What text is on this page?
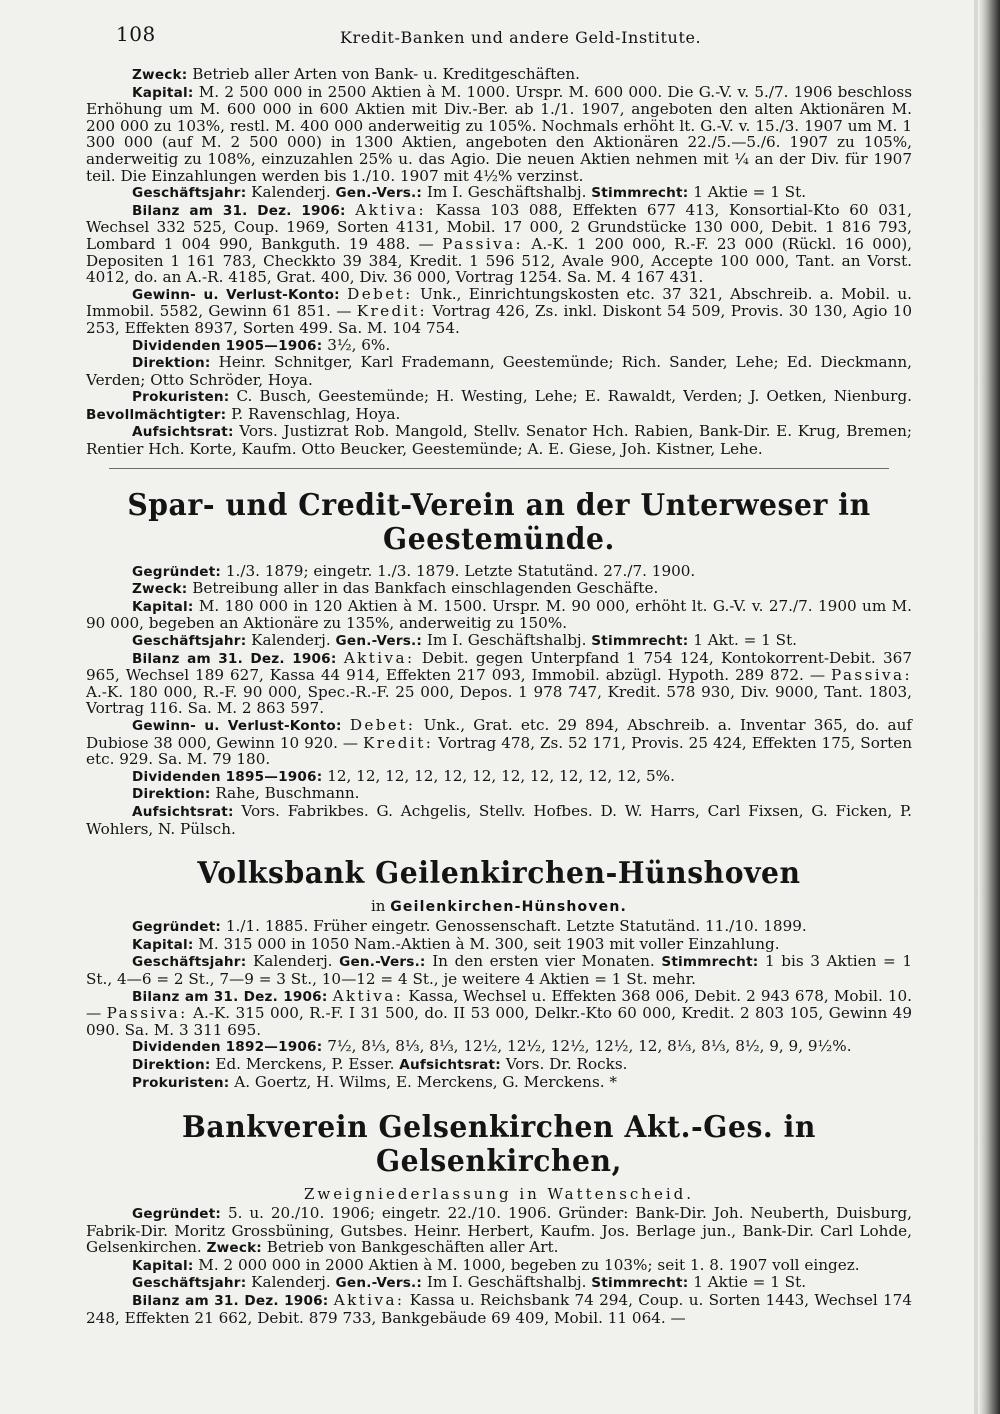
108	Kredit-Banken und andere Geld-Institute.

Zweck: Betrieb aller Arten von Bank- u. Kreditgeschäften.

Kapital: M. 2 500 000 in 2500 Aktien à M. 1000. Urspr. M. 600 000. Die G.-V. v. 5./7. 1906 beschloss Erhöhung um M. 600 000 in 600 Aktien mit Div.-Ber. ab 1./1. 1907, angeboten den alten Aktionären M. 200 000 zu 103%, restl. M. 400 000 anderweitig zu 105%. Nochmals erhöht lt. G.-V. v. 15./3. 1907 um M. 1 300 000 (auf M. 2 500 000) in 1300 Aktien, angeboten den Aktionären 22./5.—5./6. 1907 zu 105%, anderweitig zu 108%, einzuzahlen 25% u. das Agio. Die neuen Aktien nehmen mit ¼ an der Div. für 1907 teil. Die Einzahlungen werden bis 1./10. 1907 mit 4½% verzinst.

Geschäftsjahr: Kalenderj. Gen.-Vers.: Im I. Geschäftshalbj. Stimmrecht: 1 Aktie = 1 St.

Bilanz am 31. Dez. 1906: Aktiva: Kassa 103 088, Effekten 677 413, Konsortial-Kto 60 031, Wechsel 332 525, Coup. 1969, Sorten 4131, Mobil. 17 000, 2 Grundstücke 130 000, Debit. 1 816 793, Lombard 1 004 990, Bankguth. 19 488. — Passiva: A.-K. 1 200 000, R.-F. 23 000 (Rückl. 16 000), Depositen 1 161 783, Checkkto 39 384, Kredit. 1 596 512, Avale 900, Accepte 100 000, Tant. an Vorst. 4012, do. an A.-R. 4185, Grat. 400, Div. 36 000, Vortrag 1254. Sa. M. 4 167 431.

Gewinn- u. Verlust-Konto: Debet: Unk., Einrichtungskosten etc. 37 321, Abschreib. a. Mobil. u. Immobil. 5582, Gewinn 61 851. — Kredit: Vortrag 426, Zs. inkl. Diskont 54 509, Provis. 30 130, Agio 10 253, Effekten 8937, Sorten 499. Sa. M. 104 754.

Dividenden 1905—1906: 3½, 6%.

Direktion: Heinr. Schnitger, Karl Frademann, Geestemünde; Rich. Sander, Lehe; Ed. Dieckmann, Verden; Otto Schröder, Hoya.

Prokuristen: C. Busch, Geestemünde; H. Westing, Lehe; E. Rawaldt, Verden; J. Oetken, Nienburg. Bevollmächtigter: P. Ravenschlag, Hoya.

Aufsichtsrat: Vors. Justizrat Rob. Mangold, Stellv. Senator Hch. Rabien, Bank-Dir. E. Krug, Bremen; Rentier Hch. Korte, Kaufm. Otto Beucker, Geestemünde; A. E. Giese, Joh. Kistner, Lehe.

Spar- und Credit-Verein an der Unterweser in Geestemünde.

Gegründet: 1./3. 1879; eingetr. 1./3. 1879. Letzte Statutänd. 27./7. 1900.

Zweck: Betreibung aller in das Bankfach einschlagenden Geschäfte.

Kapital: M. 180 000 in 120 Aktien à M. 1500. Urspr. M. 90 000, erhöht lt. G.-V. v. 27./7. 1900 um M. 90 000, begeben an Aktionäre zu 135%, anderweitig zu 150%.

Geschäftsjahr: Kalenderj. Gen.-Vers.: Im I. Geschäftshalbj. Stimmrecht: 1 Akt. = 1 St.

Bilanz am 31. Dez. 1906: Aktiva: Debit. gegen Unterpfand 1 754 124, Kontokorrent-Debit. 367 965, Wechsel 189 627, Kassa 44 914, Effekten 217 093, Immobil. abzügl. Hypoth. 289 872. — Passiva: A.-K. 180 000, R.-F. 90 000, Spec.-R.-F. 25 000, Depos. 1 978 747, Kredit. 578 930, Div. 9000, Tant. 1803, Vortrag 116. Sa. M. 2 863 597.

Gewinn- u. Verlust-Konto: Debet: Unk., Grat. etc. 29 894, Abschreib. a. Inventar 365, do. auf Dubiose 38 000, Gewinn 10 920. — Kredit: Vortrag 478, Zs. 52 171, Provis. 25 424, Effekten 175, Sorten etc. 929. Sa. M. 79 180.

Dividenden 1895—1906: 12, 12, 12, 12, 12, 12, 12, 12, 12, 12, 12, 5%.

Direktion: Rahe, Buschmann.

Aufsichtsrat: Vors. Fabrikbes. G. Achgelis, Stellv. Hofbes. D. W. Harrs, Carl Fixsen, G. Ficken, P. Wohlers, N. Pülsch.

Volksbank Geilenkirchen-Hünshoven
in Geilenkirchen-Hünshoven.

Gegründet: 1./1. 1885. Früher eingetr. Genossenschaft. Letzte Statutänd. 11./10. 1899.

Kapital: M. 315 000 in 1050 Nam.-Aktien à M. 300, seit 1903 mit voller Einzahlung.

Geschäftsjahr: Kalenderj. Gen.-Vers.: In den ersten vier Monaten. Stimmrecht: 1 bis 3 Aktien = 1 St., 4—6 = 2 St., 7—9 = 3 St., 10—12 = 4 St., je weitere 4 Aktien = 1 St. mehr.

Bilanz am 31. Dez. 1906: Aktiva: Kassa, Wechsel u. Effekten 368 006, Debit. 2 943 678, Mobil. 10. — Passiva: A.-K. 315 000, R.-F. I 31 500, do. II 53 000, Delkr.-Kto 60 000, Kredit. 2 803 105, Gewinn 49 090. Sa. M. 3 311 695.

Dividenden 1892—1906: 7½, 8⅓, 8⅓, 8⅓, 12½, 12½, 12½, 12½, 12, 8⅓, 8⅓, 8½, 9, 9, 9½%.

Direktion: Ed. Merckens, P. Esser. Aufsichtsrat: Vors. Dr. Rocks.

Prokuristen: A. Goertz, H. Wilms, E. Merckens, G. Merckens. *

Bankverein Gelsenkirchen Akt.-Ges. in Gelsenkirchen,
Zweigniederlassung in Wattenscheid.

Gegründet: 5. u. 20./10. 1906; eingetr. 22./10. 1906. Gründer: Bank-Dir. Joh. Neuberth, Duisburg, Fabrik-Dir. Moritz Grossbüning, Gutsbes. Heinr. Herbert, Kaufm. Jos. Berlage jun., Bank-Dir. Carl Lohde, Gelsenkirchen. Zweck: Betrieb von Bankgeschäften aller Art.

Kapital: M. 2 000 000 in 2000 Aktien à M. 1000, begeben zu 103%; seit 1. 8. 1907 voll eingez.

Geschäftsjahr: Kalenderj. Gen.-Vers.: Im I. Geschäftshalbj. Stimmrecht: 1 Aktie = 1 St.

Bilanz am 31. Dez. 1906: Aktiva: Kassa u. Reichsbank 74 294, Coup. u. Sorten 1443, Wechsel 174 248, Effekten 21 662, Debit. 879 733, Bankgebäude 69 409, Mobil. 11 064. —
